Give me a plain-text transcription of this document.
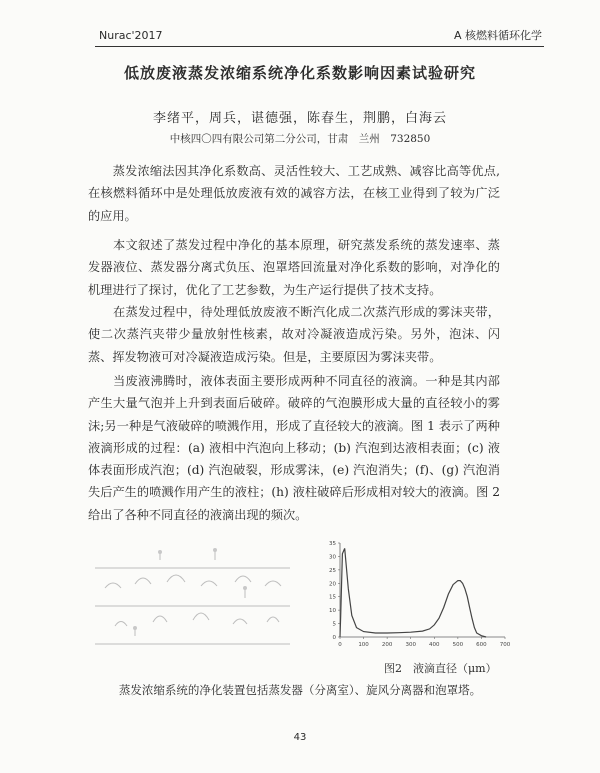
Nurac'2017	A 核燃料循环化学
低放废液蒸发浓缩系统净化系数影响因素试验研究
李绪平，周兵，谌德强，陈春生，荆鹏，白海云
中核四〇四有限公司第二分公司，甘肃　兰州　732850

　　蒸发浓缩法因其净化系数高、灵活性较大、工艺成熟、减容比高等优点,在核燃料循环中是处理低放废液有效的减容方法，在核工业得到了较为广泛的应用。

　　本文叙述了蒸发过程中净化的基本原理，研究蒸发系统的蒸发速率、蒸发器液位、蒸发器分离式负压、泡罩塔回流量对净化系数的影响，对净化的机理进行了探讨，优化了工艺参数，为生产运行提供了技术支持。

　　在蒸发过程中，待处理低放废液不断汽化成二次蒸汽形成的雾沫夹带，使二次蒸汽夹带少量放射性核素，故对冷凝液造成污染。另外，泡沫、闪蒸、挥发物液可对冷凝液造成污染。但是，主要原因为雾沫夹带。

　　当废液沸腾时，液体表面主要形成两种不同直径的液滴。一种是其内部产生大量气泡并上升到表面后破碎。破碎的气泡膜形成大量的直径较小的雾沫;另一种是气液破碎的喷溅作用，形成了直径较大的液滴。图 1 表示了两种液滴形成的过程：(a) 液相中汽泡向上移动；(b) 汽泡到达液相表面；(c) 液体表面形成汽泡；(d) 汽泡破裂，形成雾沫，(e) 汽泡消失；(f)、(g) 汽泡消失后产生的喷溅作用产生的液柱；(h) 液柱破碎后形成相对较大的液滴。图 2 给出了各种不同直径的液滴出现的频次。

0
5
10
15
20
25
30
35
0	100 200 300 400 500 600 700
图2　液滴直径（μm）
蒸发浓缩系统的净化装置包括蒸发器（分离室）、旋风分离器和泡罩塔。
43
